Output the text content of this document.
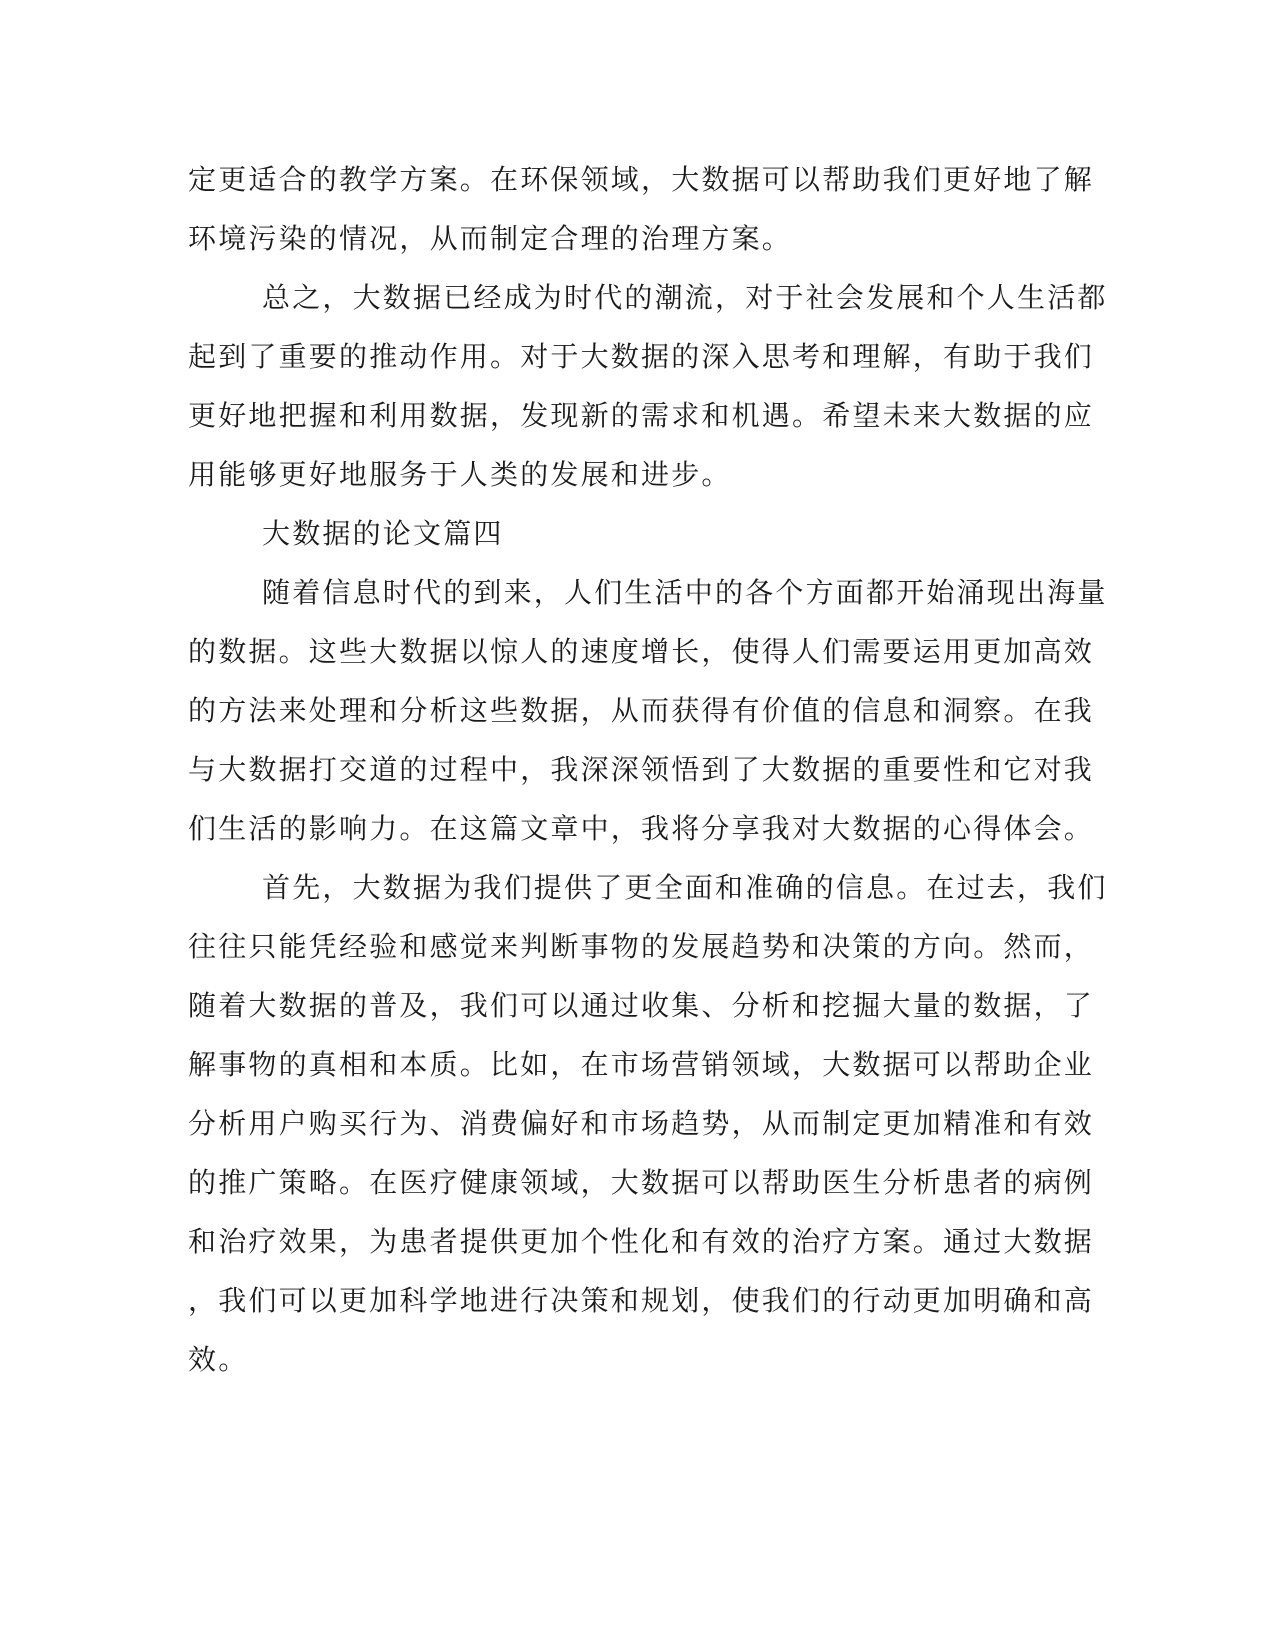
定更适合的教学方案。在环保领域，大数据可以帮助我们更好地了解
环境污染的情况，从而制定合理的治理方案。
总之，大数据已经成为时代的潮流，对于社会发展和个人生活都
起到了重要的推动作用。对于大数据的深入思考和理解，有助于我们
更好地把握和利用数据，发现新的需求和机遇。希望未来大数据的应
用能够更好地服务于人类的发展和进步。
大数据的论文篇四
随着信息时代的到来，人们生活中的各个方面都开始涌现出海量
的数据。这些大数据以惊人的速度增长，使得人们需要运用更加高效
的方法来处理和分析这些数据，从而获得有价值的信息和洞察。在我
与大数据打交道的过程中，我深深领悟到了大数据的重要性和它对我
们生活的影响力。在这篇文章中，我将分享我对大数据的心得体会。
首先，大数据为我们提供了更全面和准确的信息。在过去，我们
往往只能凭经验和感觉来判断事物的发展趋势和决策的方向。然而，
随着大数据的普及，我们可以通过收集、分析和挖掘大量的数据，了
解事物的真相和本质。比如，在市场营销领域，大数据可以帮助企业
分析用户购买行为、消费偏好和市场趋势，从而制定更加精准和有效
的推广策略。在医疗健康领域，大数据可以帮助医生分析患者的病例
和治疗效果，为患者提供更加个性化和有效的治疗方案。通过大数据
，我们可以更加科学地进行决策和规划，使我们的行动更加明确和高
效。
